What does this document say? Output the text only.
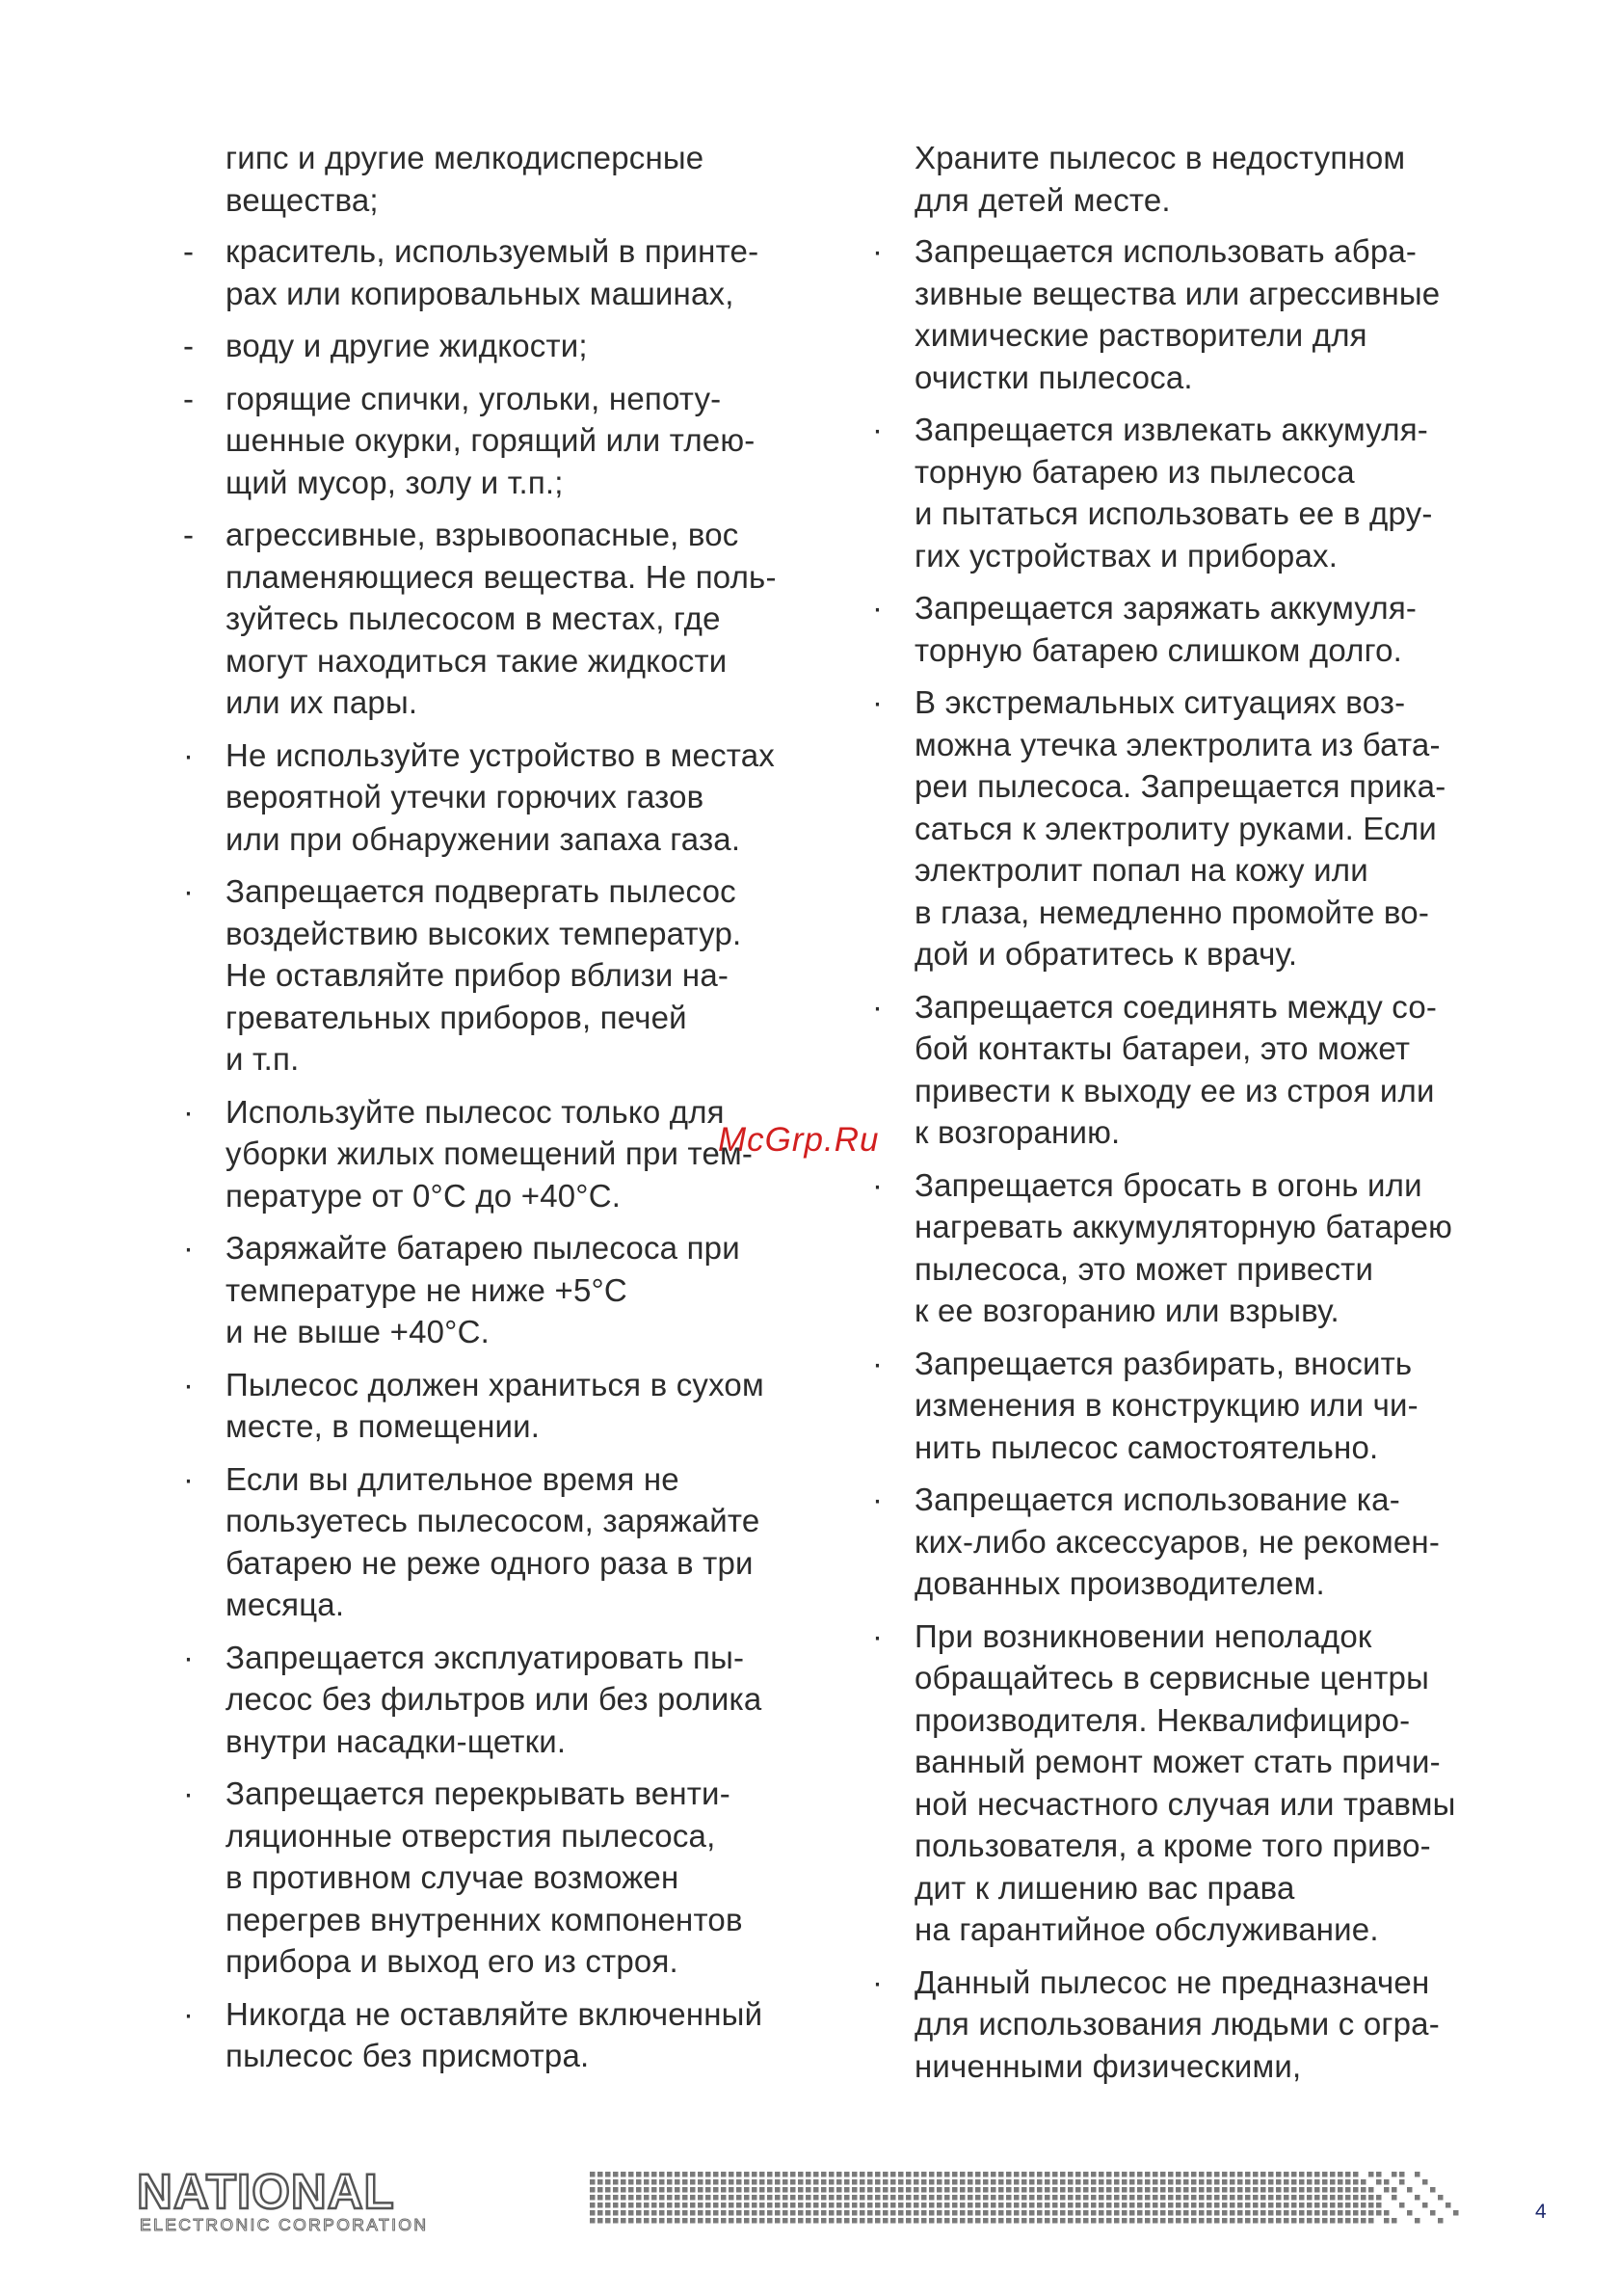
гипс и другие мелкодисперсные
вещества;
- краситель, используемый в принте-
рах или копировальных машинах,
- воду и другие жидкости;
- горящие спички, угольки, непоту-
шенные окурки, горящий или тлею-
щий мусор, золу и т.п.;
- агрессивные, взрывоопасные, вос
пламеняющиеся вещества. Не поль-
зуйтесь пылесосом в местах, где
могут находиться такие жидкости
или их пары.
· Не используйте устройство в местах
вероятной утечки горючих газов
или при обнаружении запаха газа.
· Запрещается подвергать пылесос
воздействию высоких температур.
Не оставляйте прибор вблизи на-
гревательных приборов, печей
и т.п.
· Используйте пылесос только для
уборки жилых помещений при тем-
пературе от 0°С до +40°С.
· Заряжайте батарею пылесоса при
температуре не ниже +5°С
и не выше +40°С.
· Пылесос должен храниться в сухом
месте, в помещении.
· Если вы длительное время не
пользуетесь пылесосом, заряжайте
батарею не реже одного раза в три
месяца.
· Запрещается эксплуатировать пы-
лесос без фильтров или без ролика
внутри насадки-щетки.
· Запрещается перекрывать венти-
ляционные отверстия пылесоса,
в противном случае возможен
перегрев внутренних компонентов
прибора и выход его из строя.
· Никогда не оставляйте включенный
пылесос без присмотра.
Храните пылесос в недоступном
для детей месте.
· Запрещается использовать абра-
зивные вещества или агрессивные
химические растворители для
очистки пылесоса.
· Запрещается извлекать аккумуля-
торную батарею из пылесоса
и пытаться использовать ее в дру-
гих устройствах и приборах.
· Запрещается заряжать аккумуля-
торную батарею слишком долго.
· В экстремальных ситуациях воз-
можна утечка электролита из бата-
реи пылесоса. Запрещается прика-
саться к электролиту руками. Если
электролит попал на кожу или
в глаза, немедленно промойте во-
дой и обратитесь к врачу.
· Запрещается соединять между со-
бой контакты батареи, это может
привести к выходу ее из строя или
к возгоранию.
· Запрещается бросать в огонь или
нагревать аккумуляторную батарею
пылесоса, это может привести
к ее возгоранию или взрыву.
· Запрещается разбирать, вносить
изменения в конструкцию или чи-
нить пылесос самостоятельно.
· Запрещается использование ка-
ких-либо аксессуаров, не рекомен-
дованных производителем.
· При возникновении неполадок
обращайтесь в сервисные центры
производителя. Неквалифициро-
ванный ремонт может стать причи-
ной несчастного случая или травмы
пользователя, а кроме того приво-
дит к лишению вас права
на гарантийное обслуживание.
· Данный пылесос не предназначен
для использования людьми с огра-
ниченными физическими,
McGrp.Ru
NATIONAL
ELECTRONIC CORPORATION
4
